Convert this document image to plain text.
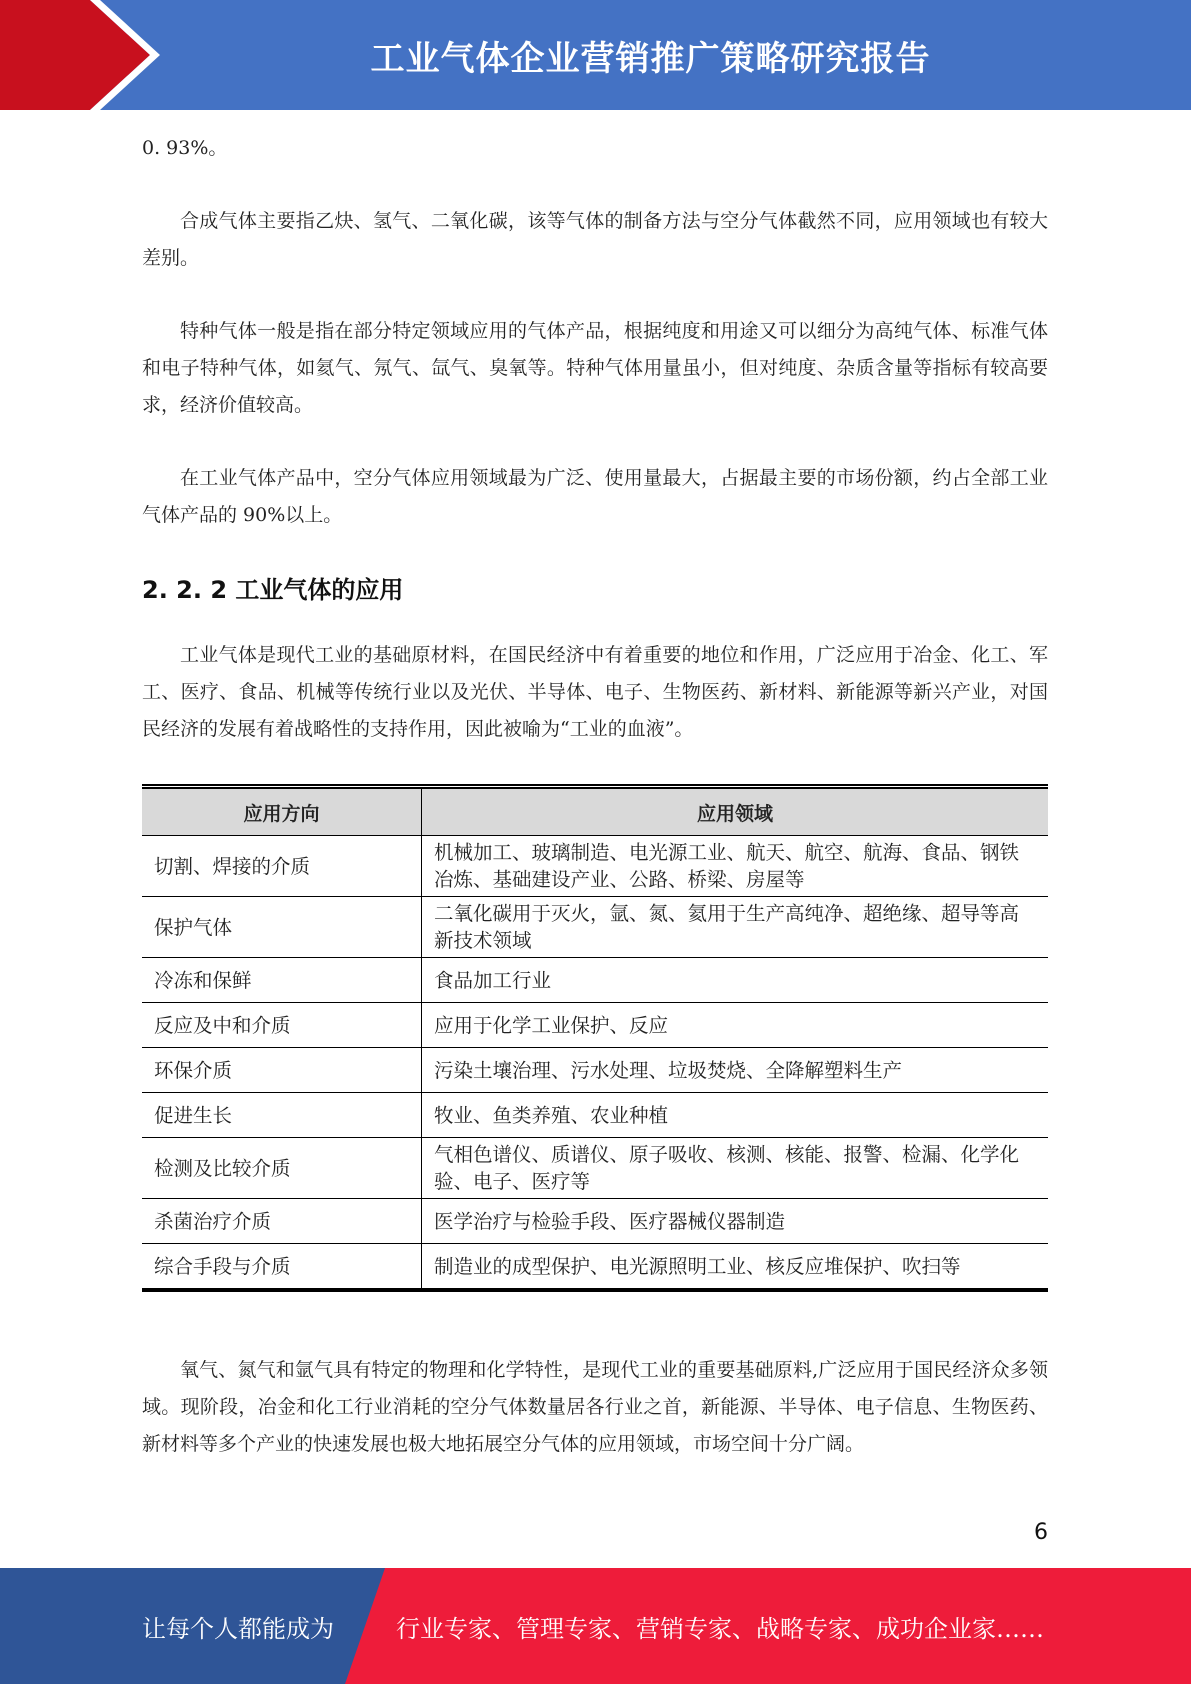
工业气体企业营销推广策略研究报告

0. 93%。

合成气体主要指乙炔、氢气、二氧化碳，该等气体的制备方法与空分气体截然不同，应用领域也有较大差别。

特种气体一般是指在部分特定领域应用的气体产品，根据纯度和用途又可以细分为高纯气体、标准气体和电子特种气体，如氦气、氖气、氙气、臭氧等。特种气体用量虽小，但对纯度、杂质含量等指标有较高要求，经济价值较高。

在工业气体产品中，空分气体应用领域最为广泛、使用量最大，占据最主要的市场份额，约占全部工业气体产品的 90%以上。

2. 2. 2 工业气体的应用

工业气体是现代工业的基础原材料，在国民经济中有着重要的地位和作用，广泛应用于冶金、化工、军工、医疗、食品、机械等传统行业以及光伏、半导体、电子、生物医药、新材料、新能源等新兴产业，对国民经济的发展有着战略性的支持作用，因此被喻为“工业的血液”。

应用方向	应用领域
切割、焊接的介质	机械加工、玻璃制造、电光源工业、航天、航空、航海、食品、钢铁冶炼、基础建设产业、公路、桥梁、房屋等
保护气体	二氧化碳用于灭火，氩、氮、氦用于生产高纯净、超绝缘、超导等高新技术领域
冷冻和保鲜	食品加工行业
反应及中和介质	应用于化学工业保护、反应
环保介质	污染土壤治理、污水处理、垃圾焚烧、全降解塑料生产
促进生长	牧业、鱼类养殖、农业种植
检测及比较介质	气相色谱仪、质谱仪、原子吸收、核测、核能、报警、检漏、化学化验、电子、医疗等
杀菌治疗介质	医学治疗与检验手段、医疗器械仪器制造
综合手段与介质	制造业的成型保护、电光源照明工业、核反应堆保护、吹扫等

氧气、氮气和氩气具有特定的物理和化学特性，是现代工业的重要基础原料,广泛应用于国民经济众多领域。现阶段，冶金和化工行业消耗的空分气体数量居各行业之首，新能源、半导体、电子信息、生物医药、新材料等多个产业的快速发展也极大地拓展空分气体的应用领域，市场空间十分广阔。

6
让每个人都能成为	行业专家、管理专家、营销专家、战略专家、成功企业家……
